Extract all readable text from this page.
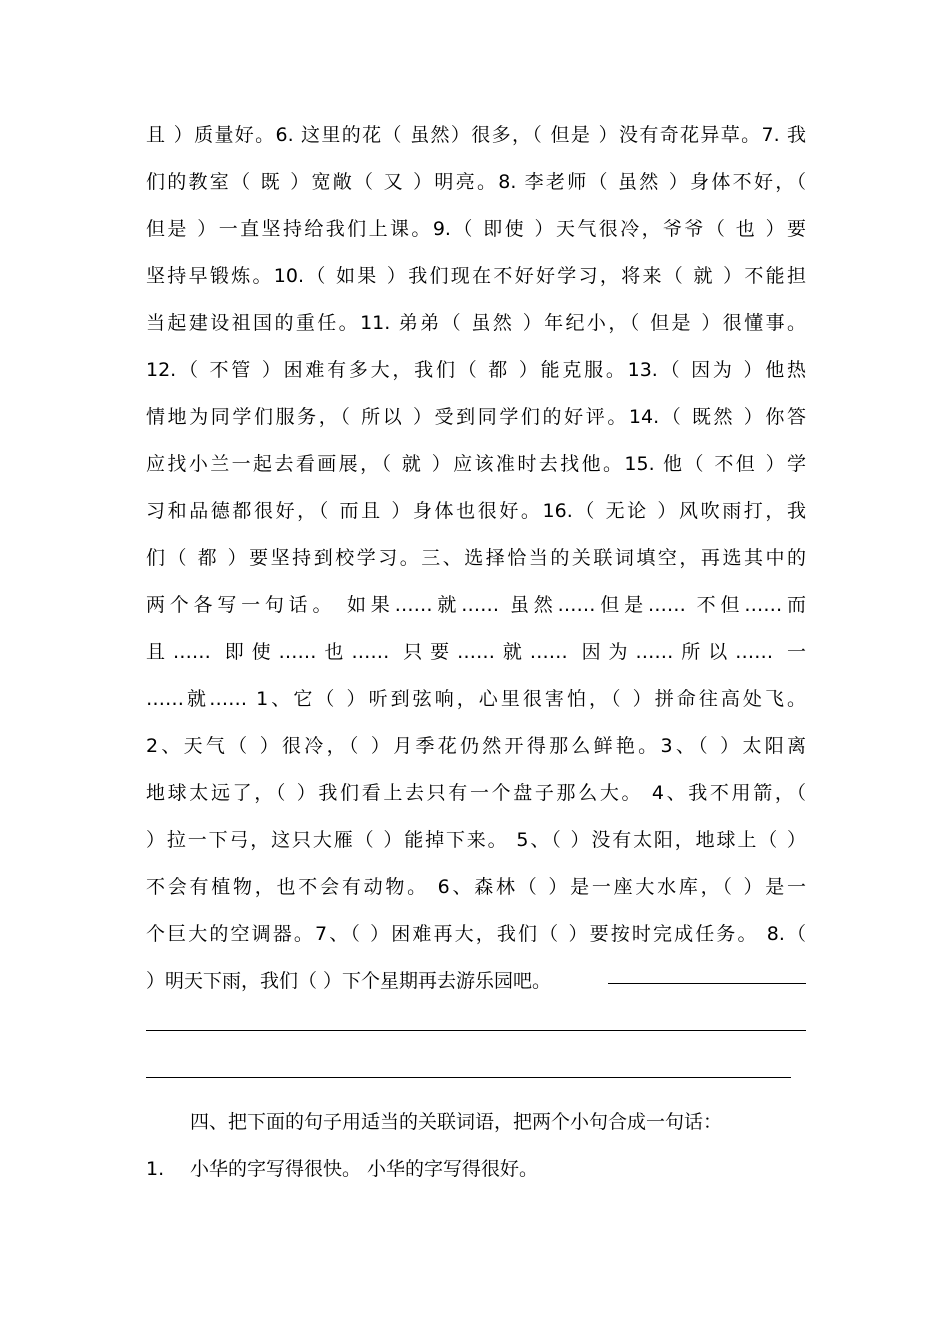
且 ）质量好。6. 这里的花（ 虽然）很多，（ 但是 ）没有奇花异草。7. 我
们的教室（ 既 ）宽敞（ 又 ）明亮。8. 李老师（ 虽然 ）身体不好，（
但是 ）一直坚持给我们上课。9.（ 即使 ）天气很冷，爷爷（ 也 ）要
坚持早锻炼。10.（ 如果 ）我们现在不好好学习，将来（ 就 ）不能担
当起建设祖国的重任。11. 弟弟（ 虽然 ）年纪小，（ 但是 ）很懂事。
12.（ 不管 ）困难有多大，我们（ 都 ）能克服。13.（ 因为 ）他热
情地为同学们服务，（ 所以 ）受到同学们的好评。14.（ 既然 ）你答
应找小兰一起去看画展，（ 就 ）应该准时去找他。15. 他（ 不但 ）学
习和品德都很好，（ 而且 ）身体也很好。16.（ 无论 ）风吹雨打，我
们（ 都 ）要坚持到校学习。三、选择恰当的关联词填空，再选其中的
两个各写一句话。 如果……就…… 虽然……但是…… 不但……而
且…… 即使……也…… 只要……就…… 因为……所以…… 一
……就…… 1、它（ ）听到弦响，心里很害怕，（ ）拼命往高处飞。
2、天气（ ）很冷，（ ）月季花仍然开得那么鲜艳。3、（ ）太阳离
地球太远了，（ ）我们看上去只有一个盘子那么大。 4、我不用箭，（
）拉一下弓，这只大雁（ ）能掉下来。 5、（ ）没有太阳，地球上（ ）
不会有植物，也不会有动物。 6、森林（ ）是一座大水库，（ ）是一
个巨大的空调器。7、（ ）困难再大，我们（ ）要按时完成任务。 8.（
）明天下雨，我们（ ）下个星期再去游乐园吧。
四、把下面的句子用适当的关联词语，把两个小句合成一句话：
1. 小华的字写得很快。 小华的字写得很好。
